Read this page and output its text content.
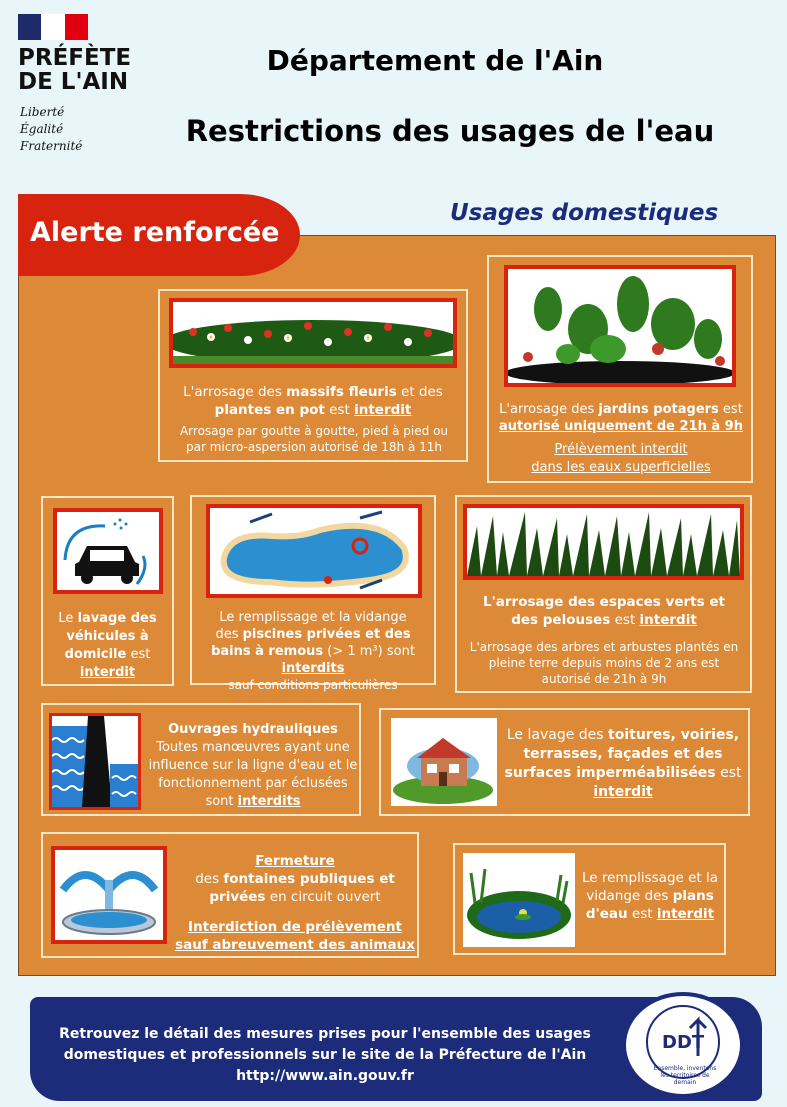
PRÉFÈTE
DE L'AIN
Liberté
Égalité
Fraternité
Département de l'Ain
Restrictions des usages de l'eau
Alerte renforcée
Usages domestiques
L'arrosage des massifs fleuris et des
plantes en pot est interdit
Arrosage par goutte à goutte, pied à pied ou par micro-aspersion autorisé de 18h à 11h
L'arrosage des jardins potagers est
autorisé uniquement de 21h à 9h
Prélèvement interdit
dans les eaux superficielles
Le lavage des véhicules à domicile est interdit
Le remplissage et la vidange
des piscines privées et des bains à remous (> 1 m³) sont interdits
sauf conditions particulières
L'arrosage des espaces verts et des pelouses est interdit
L'arrosage des arbres et arbustes plantés en pleine terre depuis moins de 2 ans est autorisé de 21h à 9h
Ouvrages hydrauliques
Toutes manœuvres ayant une influence sur la ligne d'eau et le fonctionnement par éclusées sont interdits
Le lavage des toitures, voiries, terrasses, façades et des surfaces imperméabilisées est interdit
Fermeture
des fontaines publiques et privées en circuit ouvert
Interdiction de prélèvement
sauf abreuvement des animaux
Le remplissage et la vidange des plans d'eau est interdit
Retrouvez le détail des mesures prises pour l'ensemble des usages
domestiques et professionnels sur le site de la Préfecture de l'Ain
http://www.ain.gouv.fr
DDT
Ensemble, inventons les territoires de demain
